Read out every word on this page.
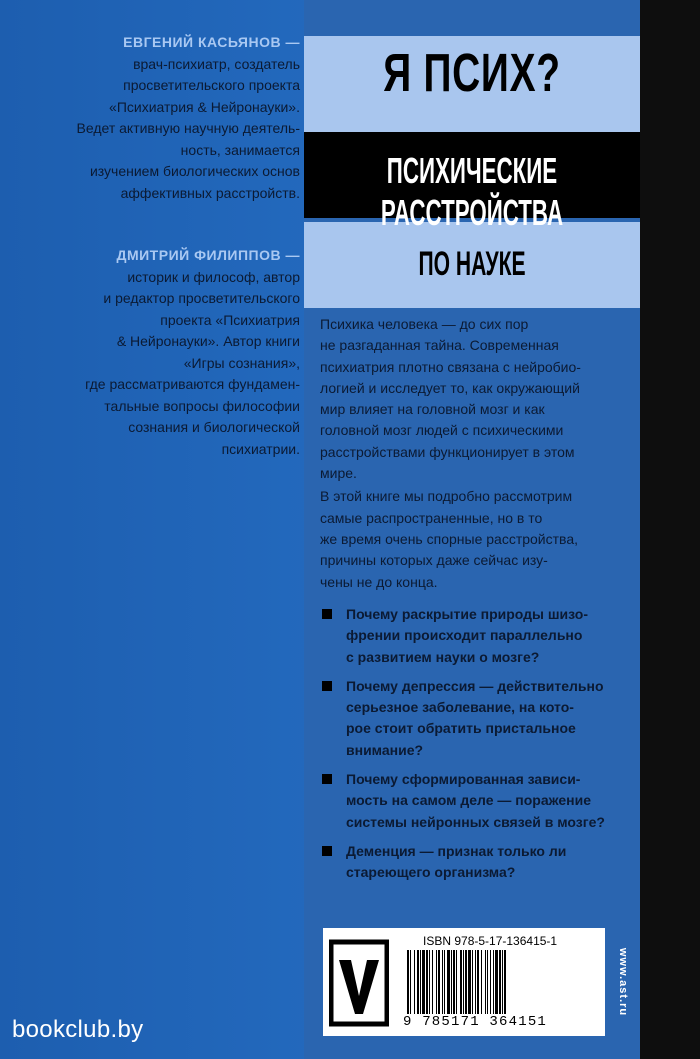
ЕВГЕНИЙ КАСЬЯНОВ —
врач-психиатр, создатель
просветительского проекта
«Психиатрия & Нейронауки».
Ведет активную научную деятель-
ность, занимается
изучением биологических основ
аффективных расстройств.
ДМИТРИЙ ФИЛИППОВ —
историк и философ, автор
и редактор просветительского
проекта «Психиатрия
& Нейронауки». Автор книги
«Игры сознания»,
где рассматриваются фундамен-
тальные вопросы философии
сознания и биологической
психиатрии.
Я ПСИХ?
ПСИХИЧЕСКИЕ РАССТРОЙСТВА
ПО НАУКЕ

Психика человека — до сих пор
не разгаданная тайна. Современная
психиатрия плотно связана с нейробио-
логией и исследует то, как окружающий
мир влияет на головной мозг и как
головной мозг людей с психическими
расстройствами функционирует в этом
мире.

В этой книге мы подробно рассмотрим
самые распространенные, но в то
же время очень спорные расстройства,
причины которых даже сейчас изу-
чены не до конца.

Почему раскрытие природы шизо-
френии происходит параллельно
с развитием науки о мозге?
Почему депрессия — действительно
серьезное заболевание, на кото-
рое стоит обратить пристальное
внимание?
Почему сформированная зависи-
мость на самом деле — поражение
системы нейронных связей в мозге?
Деменция — признак только ли
стареющего организма?
ISBN 978-5-17-136415-1
9 785171 364151
www.ast.ru
bookclub.by
